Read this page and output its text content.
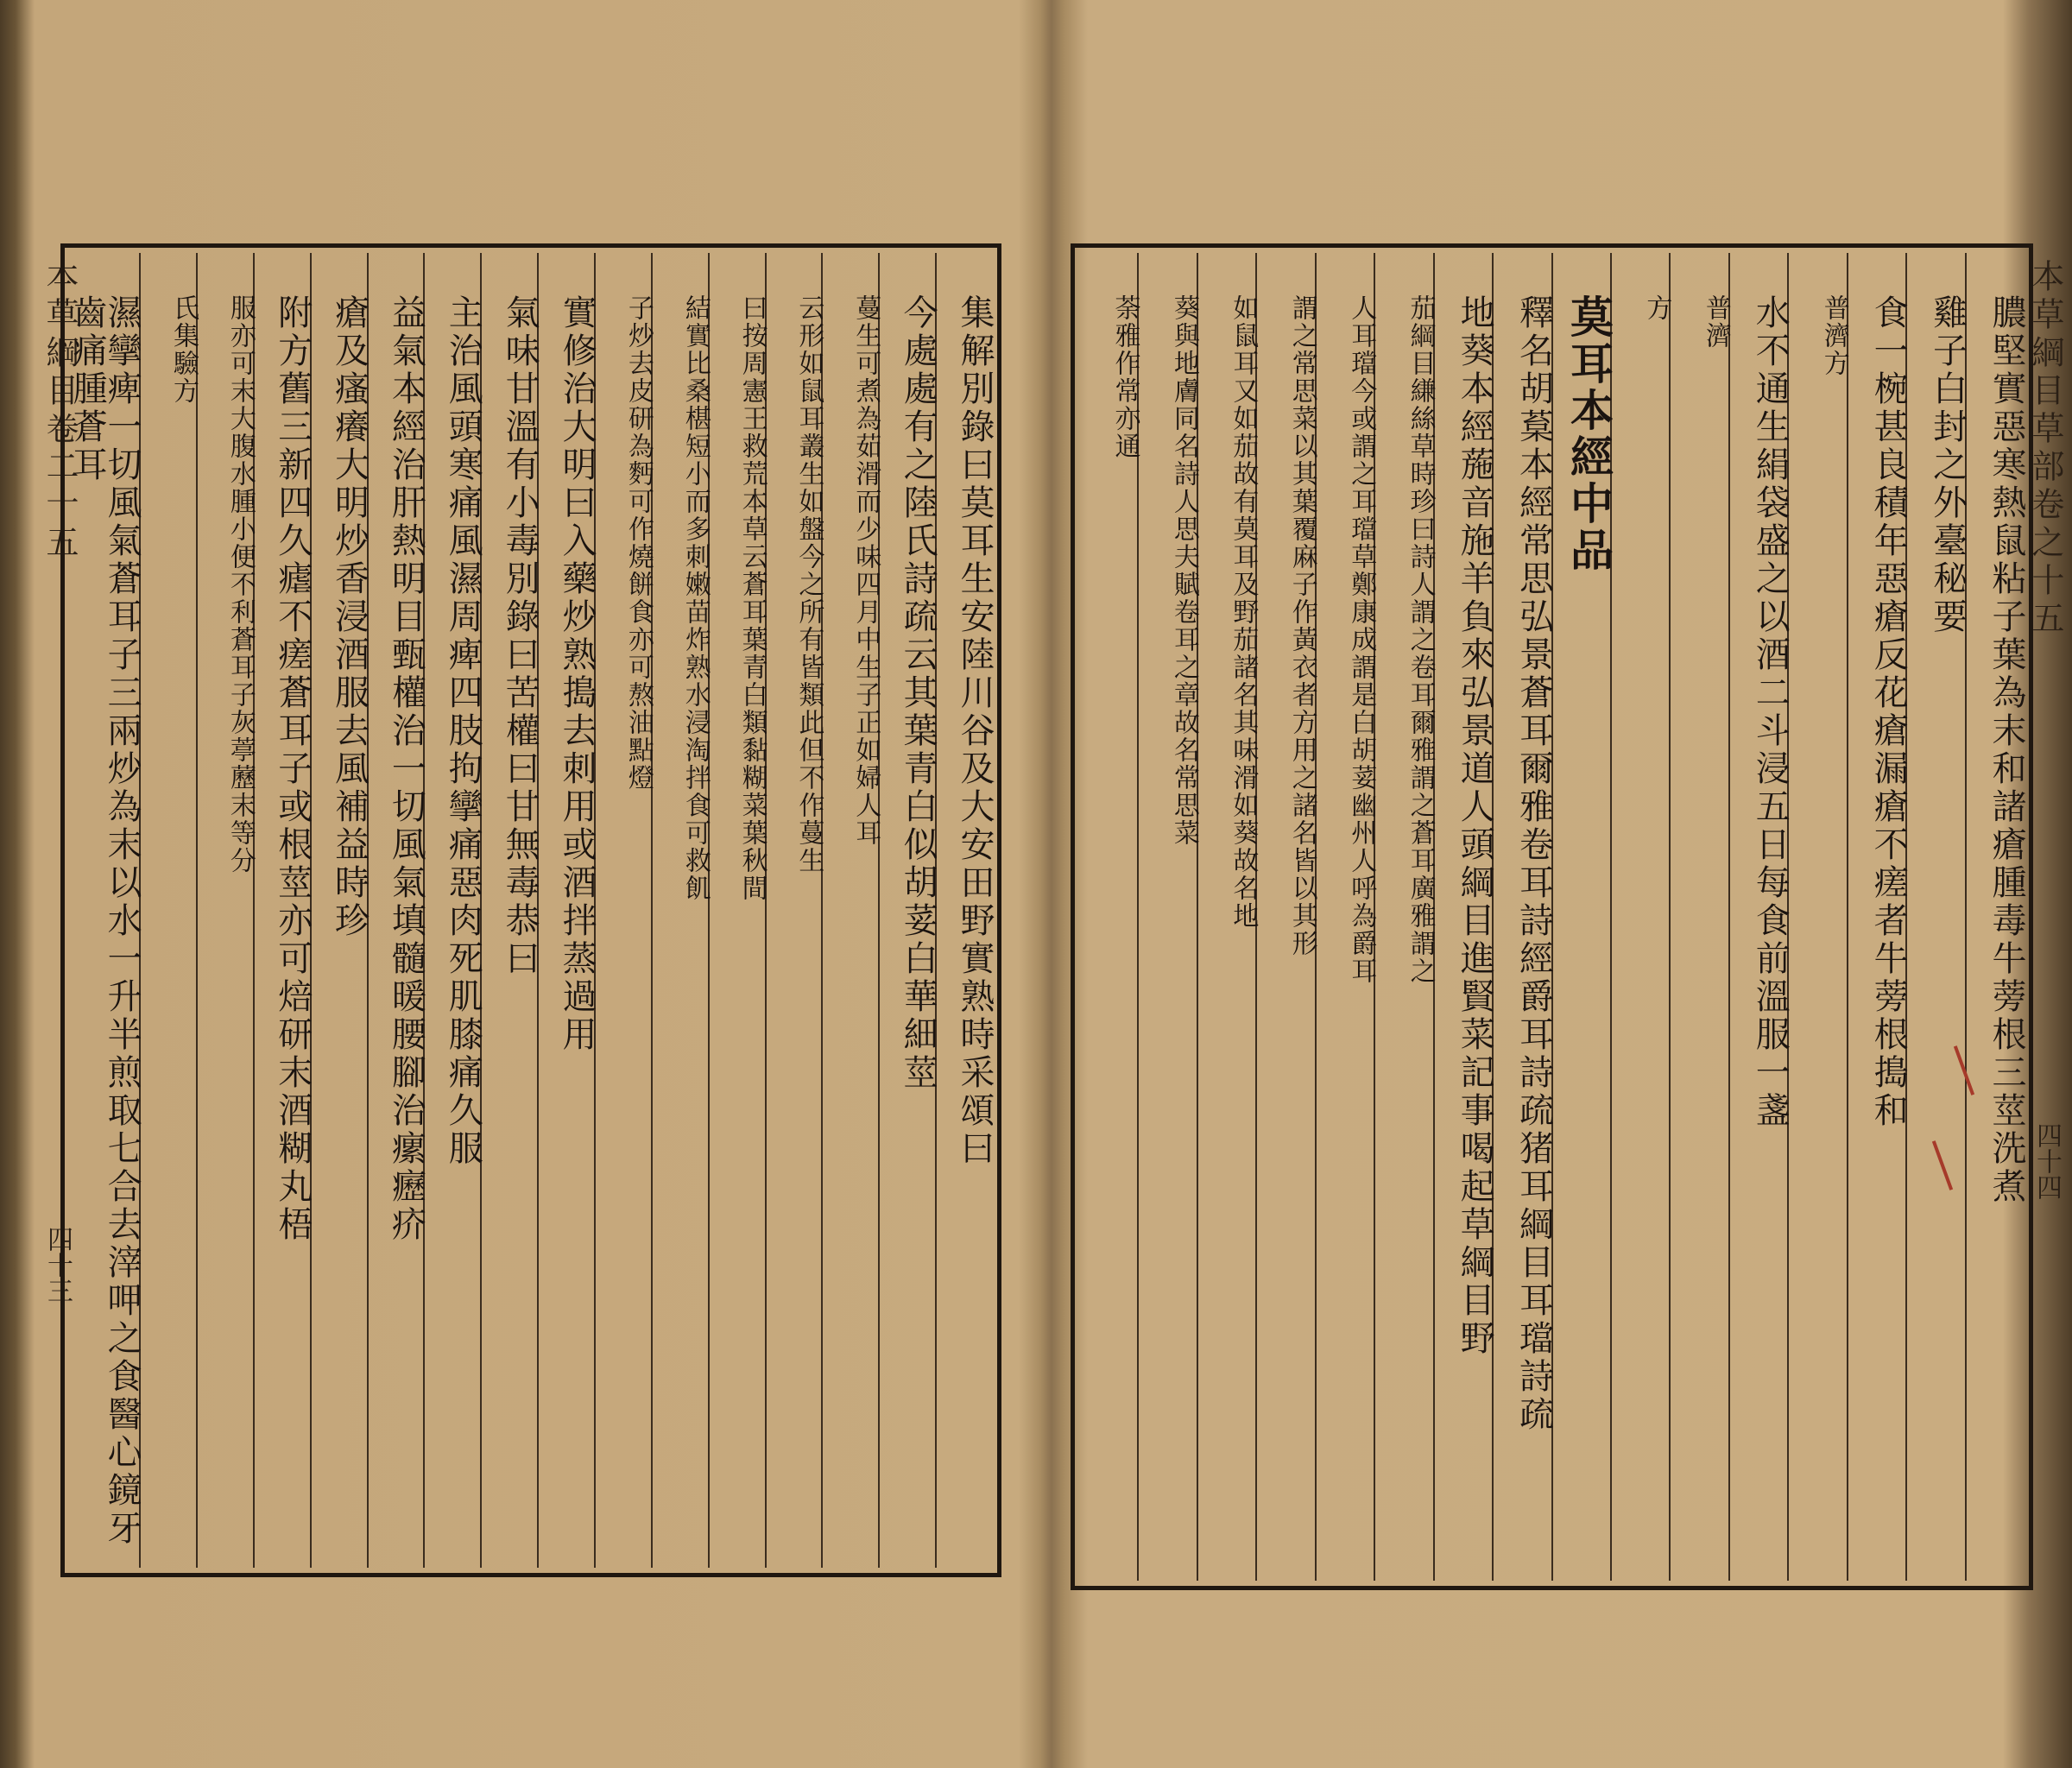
本草綱目卷二十五
四十三
集解別錄曰莫耳生安陸川谷及大安田野實熟時采頌曰
今處處有之陸氏詩疏云其葉青白似胡荽白華細莖
蔓生可煮為茹滑而少味四月中生子正如婦人耳
云形如鼠耳叢生如盤今之所有皆類此但不作蔓生
曰按周憲王救荒本草云蒼耳葉青白類黏糊菜葉秋間
結實比桑椹短小而多刺嫩苗炸熟水浸淘拌食可救飢
子炒去皮研為麪可作燒餅食亦可熬油點燈
實修治大明曰入藥炒熟搗去刺用或酒拌蒸過用
氣味甘溫有小毒別錄曰苦權曰甘無毒恭曰
主治風頭寒痛風濕周痺四肢拘攣痛惡肉死肌膝痛久服
益氣本經治肝熱明目甄權治一切風氣填髓暖腰腳治瘰癧疥
瘡及瘙癢大明炒香浸酒服去風補益時珍
附方舊三新四久瘧不瘥蒼耳子或根莖亦可焙研末酒糊丸梧
服亦可末大腹水腫小便不利蒼耳子灰葶藶末等分
氏集驗方
濕攣痺一切風氣蒼耳子三兩炒為末以水一升半煎取七合去滓呷之食醫心鏡牙齒痛腫蒼耳	本草綱目草部卷之十五
四十四
膿堅實惡寒熱鼠粘子葉為末和諸瘡腫毒牛蒡根三莖洗煮
雞子白封之外臺秘要
食一椀甚良積年惡瘡反花瘡漏瘡不瘥者牛蒡根搗和
普濟方
水不通生絹袋盛之以酒二斗浸五日每食前溫服一盞
普濟
方
莫耳本經中品
釋名胡葈本經常思弘景蒼耳爾雅卷耳詩經爵耳詩疏猪耳綱目耳璫詩疏
地葵本經葹音施羊負來弘景道人頭綱目進賢菜記事喝起草綱目野
茄綱目縑絲草時珍曰詩人謂之卷耳爾雅謂之蒼耳廣雅謂之
人耳璫今或謂之耳璫草鄭康成謂是白胡荽幽州人呼為爵耳
謂之常思菜以其葉覆麻子作黃衣者方用之諸名皆以其形
如鼠耳又如茄故有莫耳及野茄諸名其味滑如葵故名地
葵與地膚同名詩人思夫賦卷耳之章故名常思菜
荼雅作常亦通
